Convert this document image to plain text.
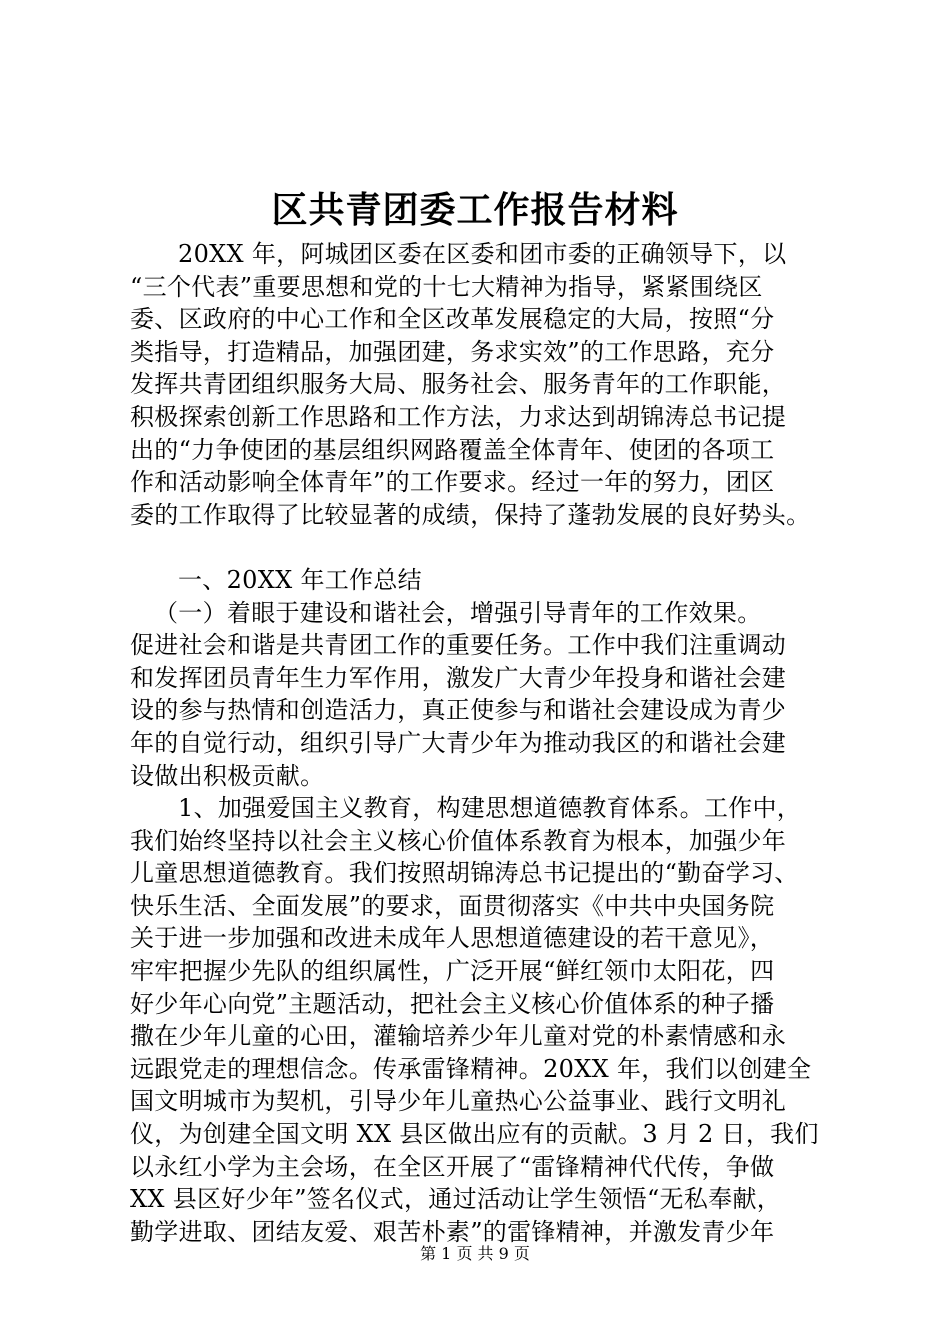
区共青团委工作报告材料
20XX 年，阿城团区委在区委和团市委的正确领导下，以
“三个代表”重要思想和党的十七大精神为指导，紧紧围绕区
委、区政府的中心工作和全区改革发展稳定的大局，按照“分
类指导，打造精品，加强团建，务求实效”的工作思路，充分
发挥共青团组织服务大局、服务社会、服务青年的工作职能，
积极探索创新工作思路和工作方法，力求达到胡锦涛总书记提
出的“力争使团的基层组织网路覆盖全体青年、使团的各项工
作和活动影响全体青年”的工作要求。经过一年的努力，团区
委的工作取得了比较显著的成绩，保持了蓬勃发展的良好势头。
一、20XX 年工作总结
（一）着眼于建设和谐社会，增强引导青年的工作效果。
促进社会和谐是共青团工作的重要任务。工作中我们注重调动
和发挥团员青年生力军作用，激发广大青少年投身和谐社会建
设的参与热情和创造活力，真正使参与和谐社会建设成为青少
年的自觉行动，组织引导广大青少年为推动我区的和谐社会建
设做出积极贡献。
1、加强爱国主义教育，构建思想道德教育体系。工作中，
我们始终坚持以社会主义核心价值体系教育为根本，加强少年
儿童思想道德教育。我们按照胡锦涛总书记提出的“勤奋学习、
快乐生活、全面发展”的要求，面贯彻落实《中共中央国务院
关于进一步加强和改进未成年人思想道德建设的若干意见》，
牢牢把握少先队的组织属性，广泛开展“鲜红领巾太阳花，四
好少年心向党”主题活动，把社会主义核心价值体系的种子播
撒在少年儿童的心田，灌输培养少年儿童对党的朴素情感和永
远跟党走的理想信念。传承雷锋精神。20XX 年，我们以创建全
国文明城市为契机，引导少年儿童热心公益事业、践行文明礼
仪，为创建全国文明 XX 县区做出应有的贡献。3 月 2 日，我们
以永红小学为主会场，在全区开展了“雷锋精神代代传，争做
XX 县区好少年”签名仪式，通过活动让学生领悟“无私奉献，
勤学进取、团结友爱、艰苦朴素”的雷锋精神，并激发青少年
第 1 页 共 9 页
